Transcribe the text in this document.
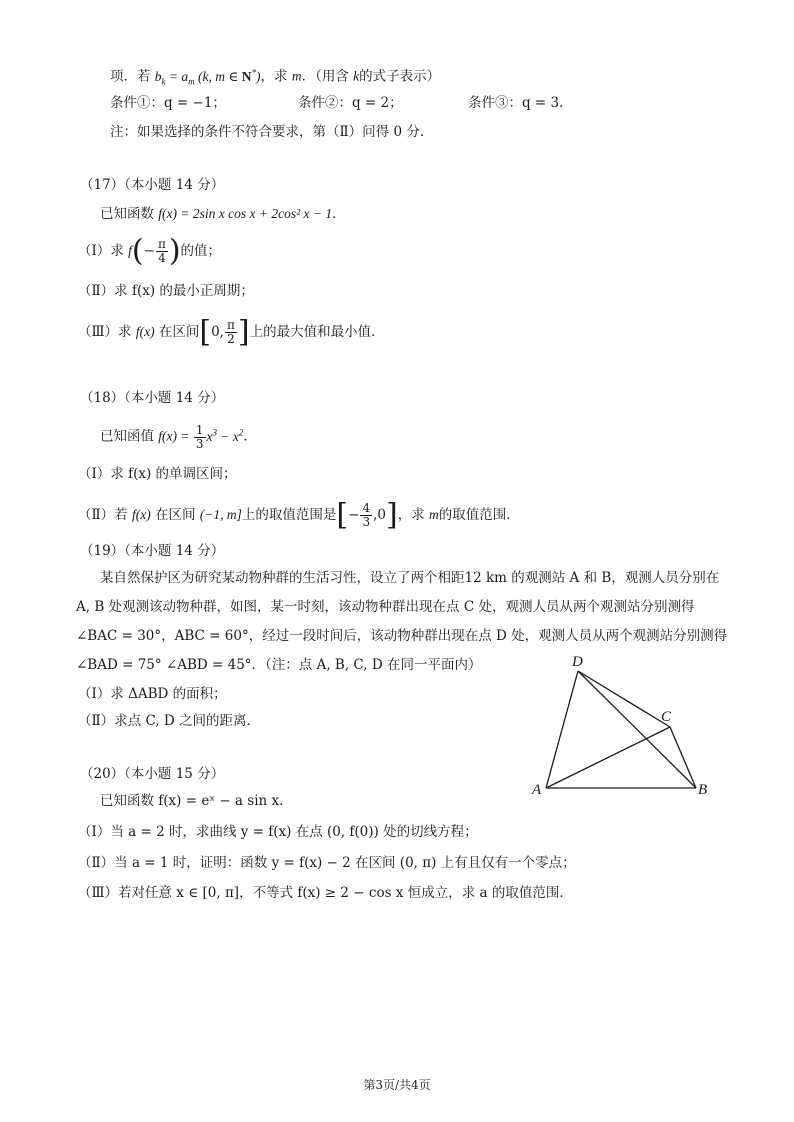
项．若 $b_k = a_m$ (k, m ∈ N*)，求 m．（用含 k的式子表示）
条件①：q = −1；	条件②：q = 2；	条件③：q = 3．
注：如果选择的条件不符合要求，第（Ⅱ）问得 0 分．
（17）（本小题 14 分）
已知函数 f(x) = 2sin x cos x + 2cos² x − 1．
（Ⅰ）求 $f(- \frac{\pi}{4}$ )的值；
（Ⅱ）求 f(x) 的最小正周期；
（Ⅲ）求 f(x) 在区间[0, $\frac{\pi}{2}$ ]上的最大值和最小值．
（18）（本小题 14 分）
已知函值 $f(x) = \frac{1}{3} x^3 - x^2$．
（Ⅰ）求 f(x) 的单调区间；
（Ⅱ）若 f(x) 在区间 (−1, m]上的取值范围是[− $\frac{4}{3} ,0$]，求 m的取值范围．
（19）（本小题 14 分）
某自然保护区为研究某动物种群的生活习性，设立了两个相距12 km 的观测站 A 和 B，观测人员分别在
A, B 处观测该动物种群，如图，某一时刻，该动物种群出现在点 C 处，观测人员从两个观测站分别测得
∠BAC = 30°，ABC = 60°，经过一段时间后，该动物种群出现在点 D 处，观测人员从两个观测站分别测得
∠BAD = 75° ∠ABD = 45°．（注：点 A, B, C, D 在同一平面内）
（Ⅰ）求 ΔABD 的面积；
（Ⅱ）求点 C, D 之间的距离．
D
C
A	B
（20）（本小题 15 分）
已知函数 f(x) = eˣ − a sin x．
（Ⅰ）当 a = 2 时，求曲线 y = f(x) 在点 (0, f(0)) 处的切线方程；
（Ⅱ）当 a = 1 时，证明：函数 y = f(x) − 2 在区间 (0, π) 上有且仅有一个零点；
（Ⅲ）若对任意 x ∈ [0, π]，不等式 f(x) ≥ 2 − cos x 恒成立，求 a 的取值范围．
第3页/共4页
